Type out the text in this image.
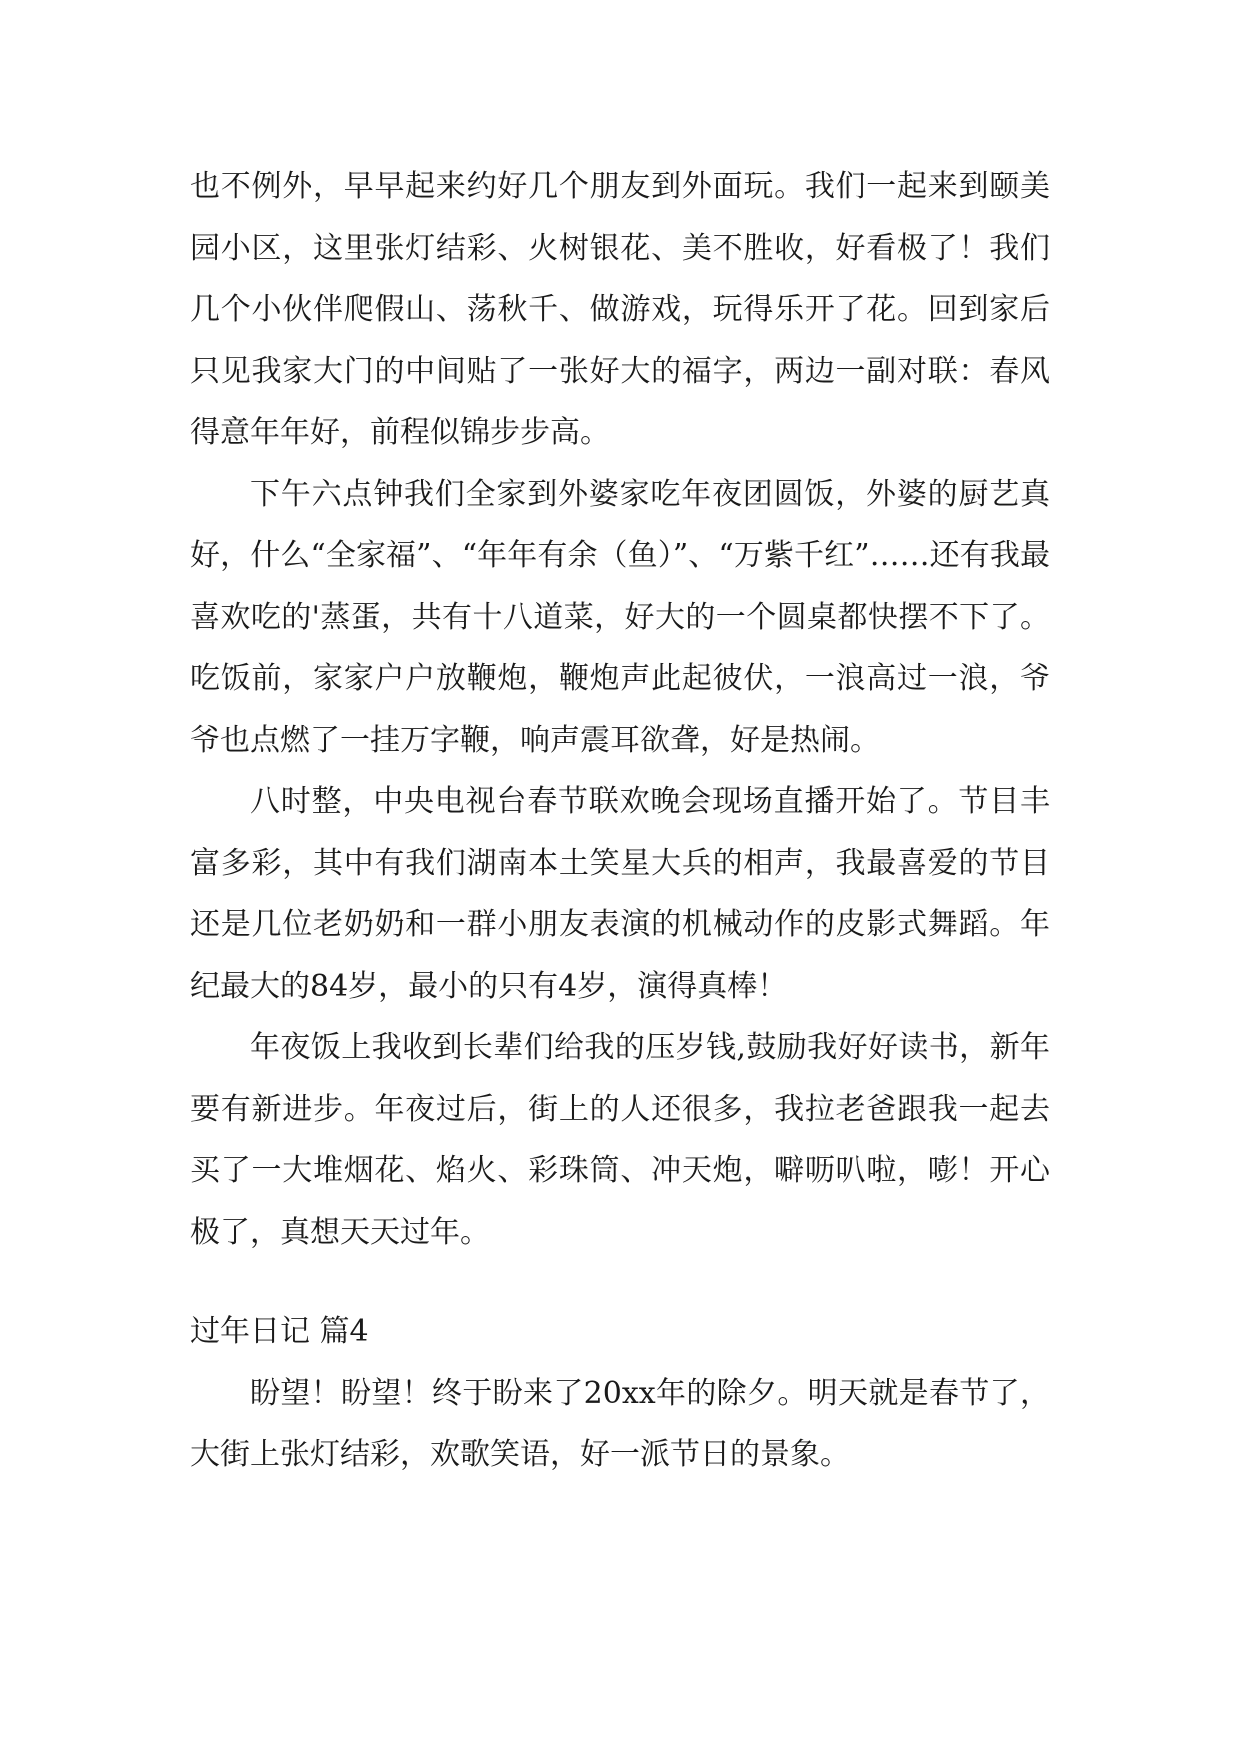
也不例外，早早起来约好几个朋友到外面玩。我们一起来到颐美园小区，这里张灯结彩、火树银花、美不胜收，好看极了！我们几个小伙伴爬假山、荡秋千、做游戏，玩得乐开了花。回到家后只见我家大门的中间贴了一张好大的福字，两边一副对联：春风得意年年好，前程似锦步步高。

下午六点钟我们全家到外婆家吃年夜团圆饭，外婆的厨艺真好，什么“全家福”、“年年有余（鱼）”、“万紫千红”……还有我最喜欢吃的'蒸蛋，共有十八道菜，好大的一个圆桌都快摆不下了。吃饭前，家家户户放鞭炮，鞭炮声此起彼伏，一浪高过一浪，爷爷也点燃了一挂万字鞭，响声震耳欲聋，好是热闹。

八时整，中央电视台春节联欢晚会现场直播开始了。节目丰富多彩，其中有我们湖南本土笑星大兵的相声，我最喜爱的节目还是几位老奶奶和一群小朋友表演的机械动作的皮影式舞蹈。年纪最大的84岁，最小的只有4岁，演得真棒！

年夜饭上我收到长辈们给我的压岁钱,鼓励我好好读书，新年要有新进步。年夜过后，街上的人还很多，我拉老爸跟我一起去买了一大堆烟花、焰火、彩珠筒、冲天炮，噼呖叭啦，嘭！开心极了，真想天天过年。

过年日记 篇4

盼望！盼望！终于盼来了20xx年的除夕。明天就是春节了，大街上张灯结彩，欢歌笑语，好一派节日的景象。
